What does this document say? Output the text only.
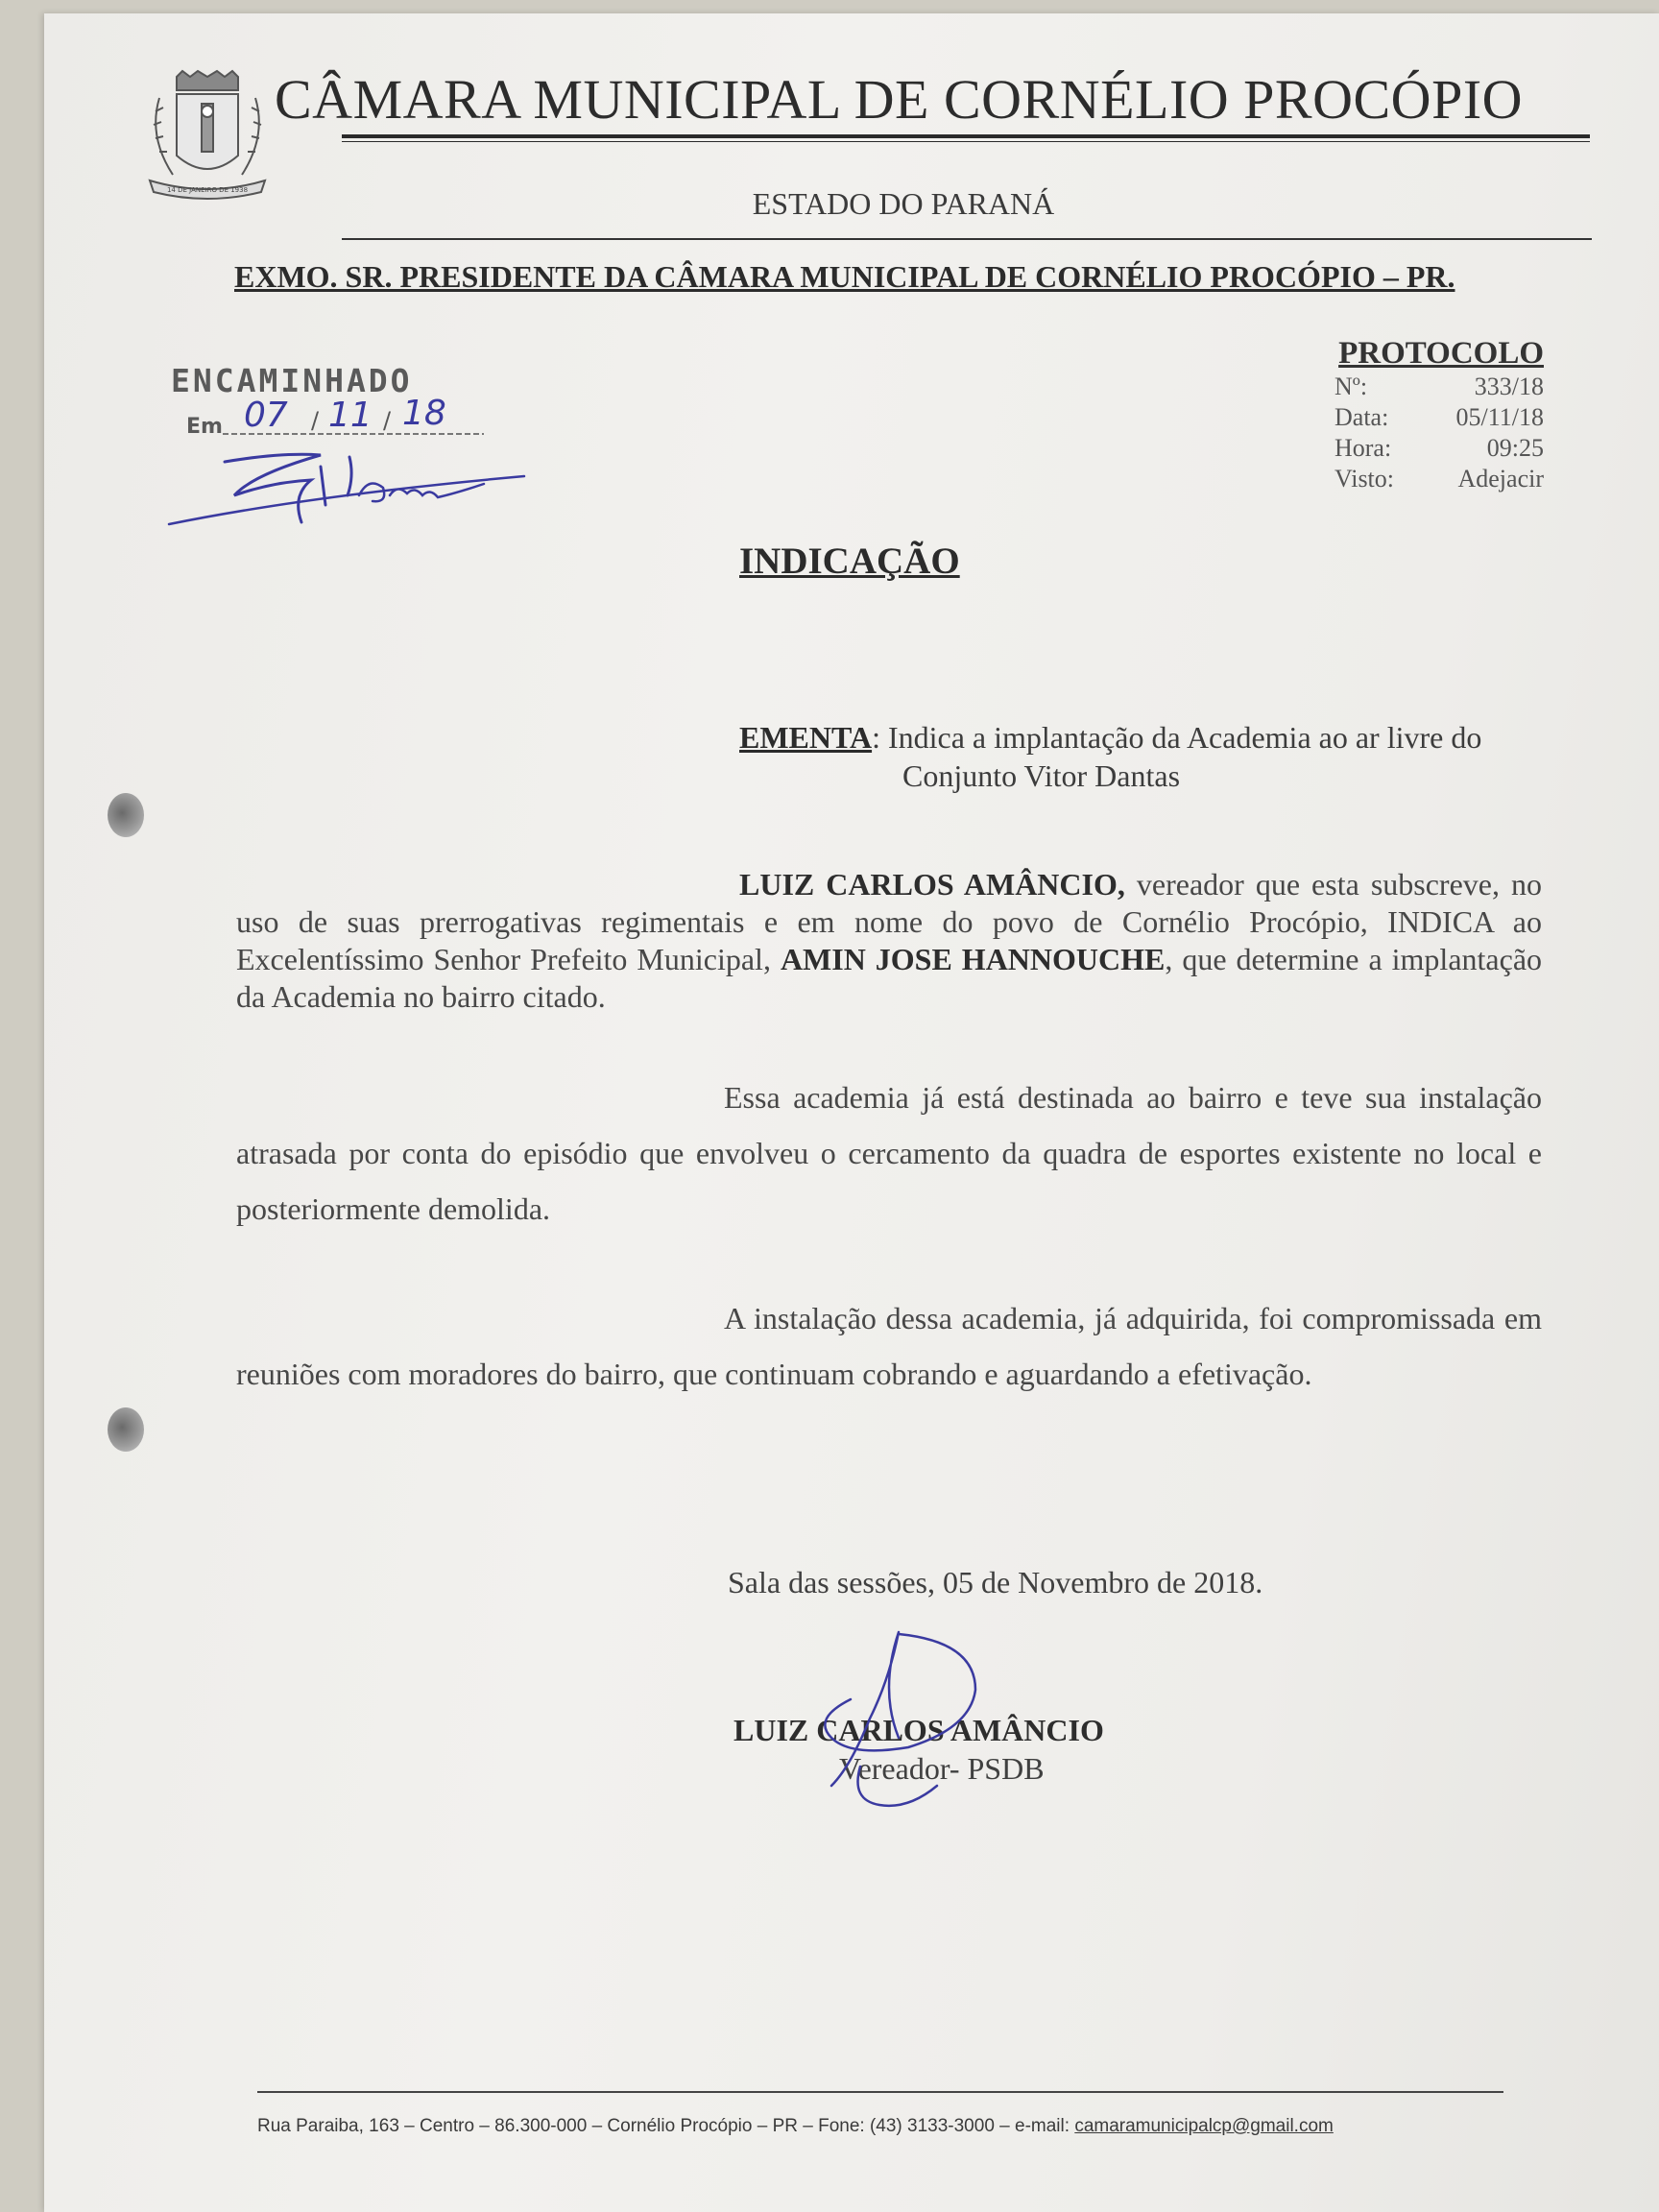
14 DE JANEIRO DE 1938
CÂMARA MUNICIPAL DE CORNÉLIO PROCÓPIO
ESTADO DO PARANÁ
EXMO. SR. PRESIDENTE DA CÂMARA MUNICIPAL DE CORNÉLIO PROCÓPIO – PR.
PROTOCOLO
Nº:	333/18
Data:	05/11/18
Hora:	09:25
Visto:	Adejacir
ENCAMINHADO
Em 07 / 11 / 18
INDICAÇÃO
EMENTA: Indica a implantação da Academia ao ar livre do
Conjunto Vitor Dantas
LUIZ CARLOS AMÂNCIO, vereador que esta subscreve, no uso de suas prerrogativas regimentais e em nome do povo de Cornélio Procópio, INDICA ao Excelentíssimo Senhor Prefeito Municipal, AMIN JOSE HANNOUCHE, que determine a implantação da Academia no bairro citado.
Essa academia já está destinada ao bairro e teve sua instalação atrasada por conta do episódio que envolveu o cercamento da quadra de esportes existente no local e posteriormente demolida.
A instalação dessa academia, já adquirida, foi compromissada em reuniões com moradores do bairro, que continuam cobrando e aguardando a efetivação.
Sala das sessões, 05 de Novembro de 2018.
LUIZ CARLOS AMÂNCIO
Vereador- PSDB
Rua Paraiba, 163 – Centro – 86.300-000 – Cornélio Procópio – PR – Fone: (43) 3133-3000 – e-mail: camaramunicipalcp@gmail.com
